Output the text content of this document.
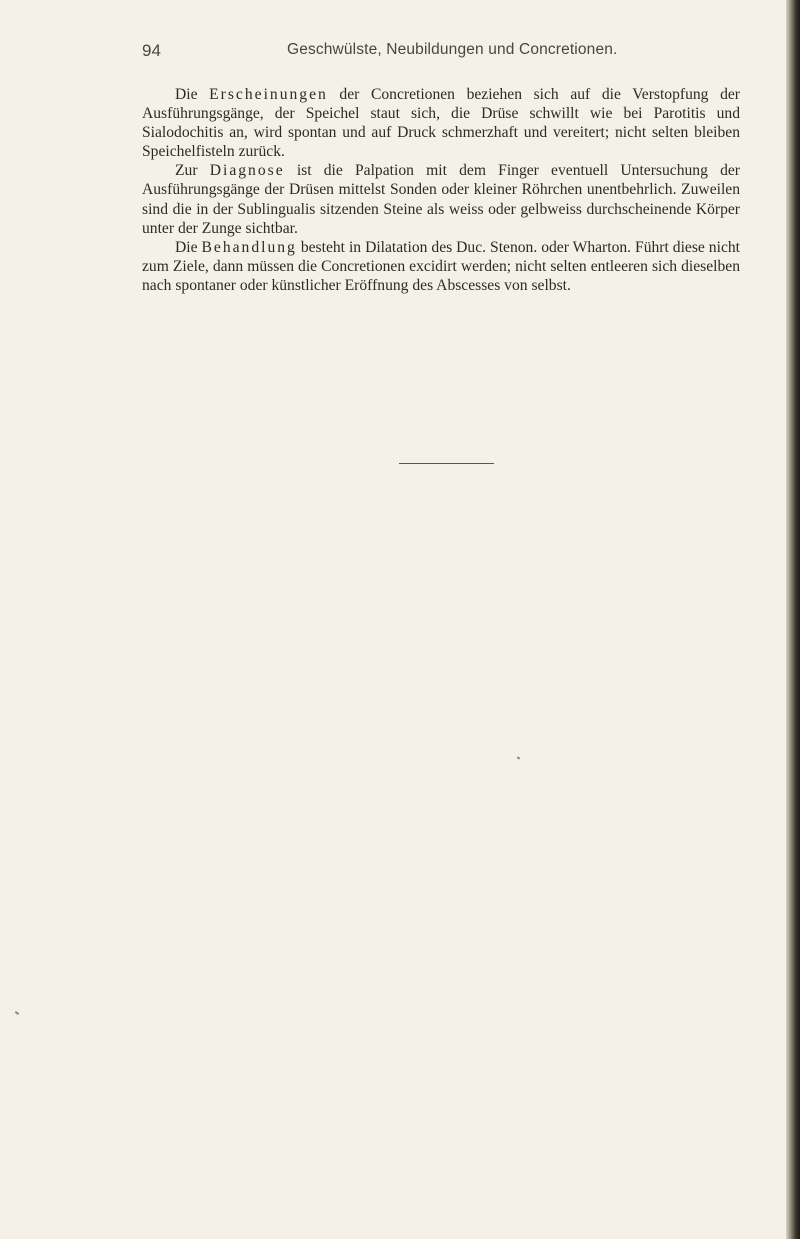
94	Geschwülste, Neubildungen und Concretionen.

Die Erscheinungen der Concretionen beziehen sich auf die Verstopfung der Ausführungsgänge, der Speichel staut sich, die Drüse schwillt wie bei Parotitis und Sialodochitis an, wird spontan und auf Druck schmerzhaft und vereitert; nicht selten bleiben Speichelfisteln zurück.

Zur Diagnose ist die Palpation mit dem Finger eventuell Untersuchung der Ausführungsgänge der Drüsen mittelst Sonden oder kleiner Röhrchen unentbehrlich. Zuweilen sind die in der Sublingualis sitzenden Steine als weiss oder gelbweiss durchscheinende Körper unter der Zunge sichtbar.

Die Behandlung besteht in Dilatation des Duc. Stenon. oder Wharton. Führt diese nicht zum Ziele, dann müssen die Concretionen excidirt werden; nicht selten entleeren sich dieselben nach spontaner oder künstlicher Eröffnung des Abscesses von selbst.
